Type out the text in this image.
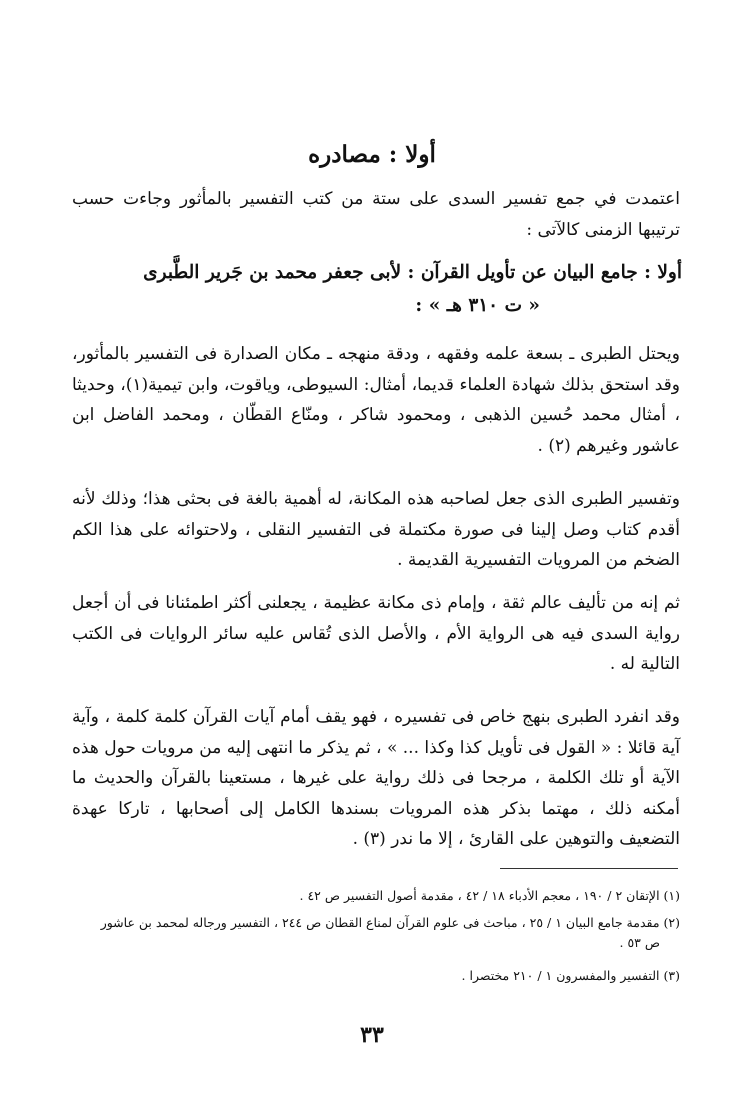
أولا : مصادره
اعتمدت في جمع تفسير السدى على ستة من كتب التفسير بالمأثور وجاءت حسب ترتيبها الزمنى كالآتى :
أولا : جامع البيان عن تأويل القرآن : لأبى جعفر محمد بن جَرير الطَّبرى
« ت ٣١٠ هـ » :
ويحتل الطبرى ـ بسعة علمه وفقهه ، ودقة منهجه ـ مكان الصدارة فى التفسير بالمأثور، وقد استحق بذلك شهادة العلماء قديما، أمثال: السيوطى، وياقوت، وابن تيمية(١)، وحديثا ، أمثال محمد حُسين الذهبى ، ومحمود شاكر ، ومنّاع القطّان ، ومحمد الفاضل ابن عاشور وغيرهم (٢) .
وتفسير الطبرى الذى جعل لصاحبه هذه المكانة، له أهمية بالغة فى بحثى هذا؛ وذلك لأنه أقدم كتاب وصل إلينا فى صورة مكتملة فى التفسير النقلى ، ولاحتوائه على هذا الكم الضخم من المرويات التفسيرية القديمة .
ثم إنه من تأليف عالم ثقة ، وإمام ذى مكانة عظيمة ، يجعلنى أكثر اطمئنانا فى أن أجعل رواية السدى فيه هى الرواية الأم ، والأصل الذى تُقاس عليه سائر الروايات فى الكتب التالية له .
وقد انفرد الطبرى بنهج خاص فى تفسيره ، فهو يقف أمام آيات القرآن كلمة كلمة ، وآية آية قائلا : « القول فى تأويل كذا وكذا ... » ، ثم يذكر ما انتهى إليه من مرويات حول هذه الآية أو تلك الكلمة ، مرجحا فى ذلك رواية على غيرها ، مستعينا بالقرآن والحديث ما أمكنه ذلك ، مهتما بذكر هذه المرويات بسندها الكامل إلى أصحابها ، تاركا عهدة التضعيف والتوهين على القارئ ، إلا ما ندر (٣) .
(١) الإتقان ٢ / ١٩٠ ، معجم الأدباء ١٨ / ٤٢ ، مقدمة أصول التفسير ص ٤٢ .
(٢) مقدمة جامع البيان ١ / ٢٥ ، مباحث فى علوم القرآن لمناع القطان ص ٢٤٤ ، التفسير ورجاله لمحمد بن عاشور
ص ٥٣ .
(٣) التفسير والمفسرون ١ / ٢١٠ مختصرا .
٣٣
